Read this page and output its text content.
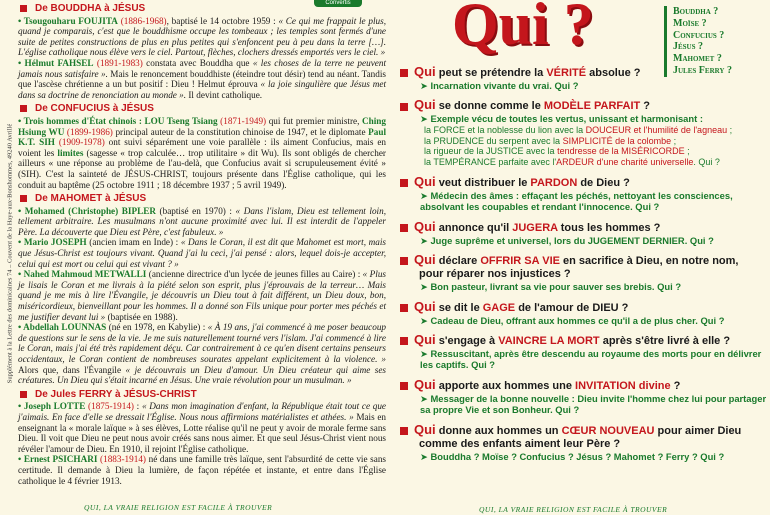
Supplément à la Lettre des dominicaines 74 – Couvent de la Haye-aux-Bonshommes, 49240 Avrillé
Convertis
De BOUDDHA à JÉSUS
• Tsougouharu FOUJITA (1886-1968), baptisé le 14 octobre 1959 : « Ce qui me frappait le plus, quand je comparais, c'est que le bouddhisme occupe les tombeaux ; les temples sont fermés d'une suite de petites constructions de plus en plus petites qui s'enfoncent peu à peu dans la terre […]. L'église catholique nous élève vers le ciel. Partout, flèches, clochers dressés emportés vers le ciel. »
• Hélmut FAHSEL (1891-1983) constata avec Bouddha que « les choses de la terre ne peuvent jamais nous satisfaire ». Mais le renoncement bouddhiste (éteindre tout désir) tend au néant. Tandis que l'ascèse chrétienne a un but positif : Dieu ! Helmut éprouva « la joie singulière que Jésus met dans sa doctrine de renonciation au monde ». Il devint catholique.
De CONFUCIUS à JÉSUS
• Trois hommes d'État chinois : LOU Tseng Tsiang (1871-1949) qui fut premier ministre, Ching Hsiung WU (1899-1986) principal auteur de la constitution chinoise de 1947, et le diplomate Paul K.T. SIH (1909-1978) ont suivi séparément une voie parallèle : ils aiment Confucius, mais en voient les limites (sagesse « trop calculée… trop utilitaire » dit Wu). Ils sont obligés de chercher ailleurs « une réponse au problème de l'au-delà, que Confucius avait si scrupuleusement évité » (SIH). C'est la sainteté de JÉSUS-CHRIST, toujours présente dans l'Église catholique, qui les conduit au baptême (25 octobre 1911 ; 18 décembre 1937 ; 5 avril 1949).
De MAHOMET à JÉSUS
• Mohamed (Christophe) BIPLER (baptisé en 1970) : « Dans l'islam, Dieu est tellement loin, tellement arbitraire. Les musulmans n'ont aucune proximité avec lui. Il est interdit de l'appeler Père. La découverte que Dieu est Père, c'est fabuleux. »
• Mario JOSEPH (ancien imam en Inde) : « Dans le Coran, il est dit que Mahomet est mort, mais que Jésus-Christ est toujours vivant. Quand j'ai lu ceci, j'ai pensé : alors, lequel dois-je accepter, celui qui est mort ou celui qui est vivant ? »
• Nahed Mahmoud METWALLI (ancienne directrice d'un lycée de jeunes filles au Caire) : « Plus je lisais le Coran et me livrais à la piété selon son esprit, plus j'éprouvais de la terreur… Mais quand je me mis à lire l'Évangile, je découvris un Dieu tout à fait différent, un Dieu doux, bon, miséricordieux, bienveillant pour les hommes. Il a donné son Fils unique pour porter mes péchés et me justifier devant lui » (baptisée en 1988).
• Abdellah LOUNNAS (né en 1978, en Kabylie) : « À 19 ans, j'ai commencé à me poser beaucoup de questions sur le sens de la vie. Je me suis naturellement tourné vers l'islam. J'ai commencé à lire le Coran, mais j'ai été très rapidement déçu. Car contrairement à ce qu'en disent certains penseurs occidentaux, le Coran contient de nombreuses sourates appelant explicitement à la violence. » Alors que, dans l'Évangile « je découvrais un Dieu d'amour. Un Dieu créateur qui aime ses créatures. Un Dieu qui s'était incarné en Jésus. Une vraie révolution pour un musulman. »
De Jules FERRY à JÉSUS-CHRIST
• Joseph LOTTE (1875-1914) : « Dans mon imagination d'enfant, la République était tout ce que j'aimais. En face d'elle se dressait l'Église. Nous nous affirmions matérialistes et athées. » Mais en enseignant la « morale laïque » à ses élèves, Lotte réalise qu'il ne peut y avoir de morale ferme sans Dieu. Il voit que Dieu ne peut nous avoir créés sans nous aimer. Et que seul Jésus-Christ vient nous révéler l'amour de Dieu. En 1910, il rejoint l'Église catholique.
• Ernest PSICHARI (1883-1914) né dans une famille très laïque, sent l'absurdité de cette vie sans certitude. Il demande à Dieu la lumière, de façon répétée et instante, et entre dans l'Église catholique le 4 février 1913.
QUI, LA VRAIE RELIGION EST FACILE À TROUVER
Qui ?	Bouddha ?
Moïse ?
Confucius ?
Jésus ?
Mahomet ?
Jules Ferry ?
Qui peut se prétendre la VÉRITÉ absolue ?
➤ Incarnation vivante du vrai. Qui ?
Qui se donne comme le MODÈLE PARFAIT ?
➤ Exemple vécu de toutes les vertus, unissant et harmonisant :
la FORCE et la noblesse du lion avec la DOUCEUR et l'humilité de l'agneau ;
la PRUDENCE du serpent avec la SIMPLICITÉ de la colombe ;
la rigueur de la JUSTICE avec la tendresse de la MISÉRICORDE ;
la TEMPÉRANCE parfaite avec l'ARDEUR d'une charité universelle. Qui ?
Qui veut distribuer le PARDON de Dieu ?
➤ Médecin des âmes : effaçant les péchés, nettoyant les consciences, absolvant les coupables et rendant l'innocence. Qui ?
Qui annonce qu'il JUGERA tous les hommes ?
➤ Juge suprême et universel, lors du JUGEMENT DERNIER. Qui ?
Qui déclare OFFRIR SA VIE en sacrifice à Dieu, en notre nom,
pour réparer nos injustices ?
➤ Bon pasteur, livrant sa vie pour sauver ses brebis. Qui ?
Qui se dit le GAGE de l'amour de DIEU ?
➤ Cadeau de Dieu, offrant aux hommes ce qu'il a de plus cher. Qui ?
Qui s'engage à VAINCRE LA MORT après s'être livré à elle ?
➤ Ressuscitant, après être descendu au royaume des morts pour en délivrer les captifs. Qui ?
Qui apporte aux hommes une INVITATION divine ?
➤ Messager de la bonne nouvelle : Dieu invite l'homme chez lui pour partager sa propre Vie et son Bonheur. Qui ?
Qui donne aux hommes un CŒUR NOUVEAU pour aimer Dieu
comme des enfants aiment leur Père ?
➤ Bouddha ? Moïse ? Confucius ? Jésus ? Mahomet ? Ferry ? Qui ?
QUI, LA VRAIE RELIGION EST FACILE À TROUVER
